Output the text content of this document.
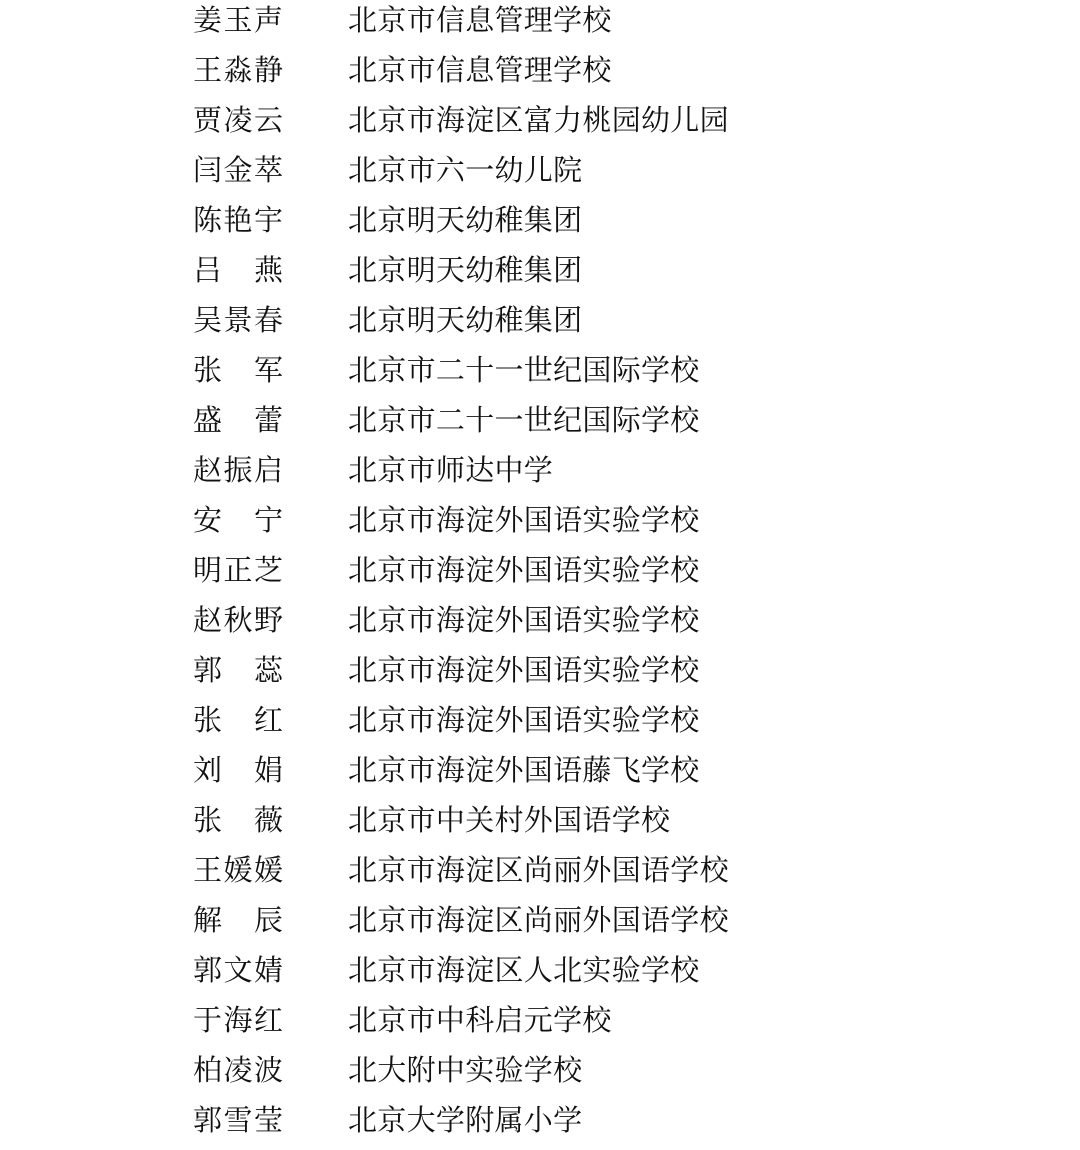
姜 玉 声 北京市信息管理学校
王 淼 静 北京市信息管理学校
贾 凌 云 北京市海淀区富力桃园幼儿园
闫 金 萃 北京市六一幼儿院
陈 艳 宇 北京明天幼稚集团
吕 燕 北京明天幼稚集团
吴 景 春 北京明天幼稚集团
张 军 北京市二十一世纪国际学校
盛 蕾 北京市二十一世纪国际学校
赵 振 启 北京市师达中学
安 宁 北京市海淀外国语实验学校
明 正 芝 北京市海淀外国语实验学校
赵 秋 野 北京市海淀外国语实验学校
郭 蕊 北京市海淀外国语实验学校
张 红 北京市海淀外国语实验学校
刘 娟 北京市海淀外国语藤飞学校
张 薇 北京市中关村外国语学校
王 媛 媛 北京市海淀区尚丽外国语学校
解 辰 北京市海淀区尚丽外国语学校
郭 文 婧 北京市海淀区人北实验学校
于 海 红 北京市中科启元学校
柏 凌 波 北大附中实验学校
郭 雪 莹 北京大学附属小学
